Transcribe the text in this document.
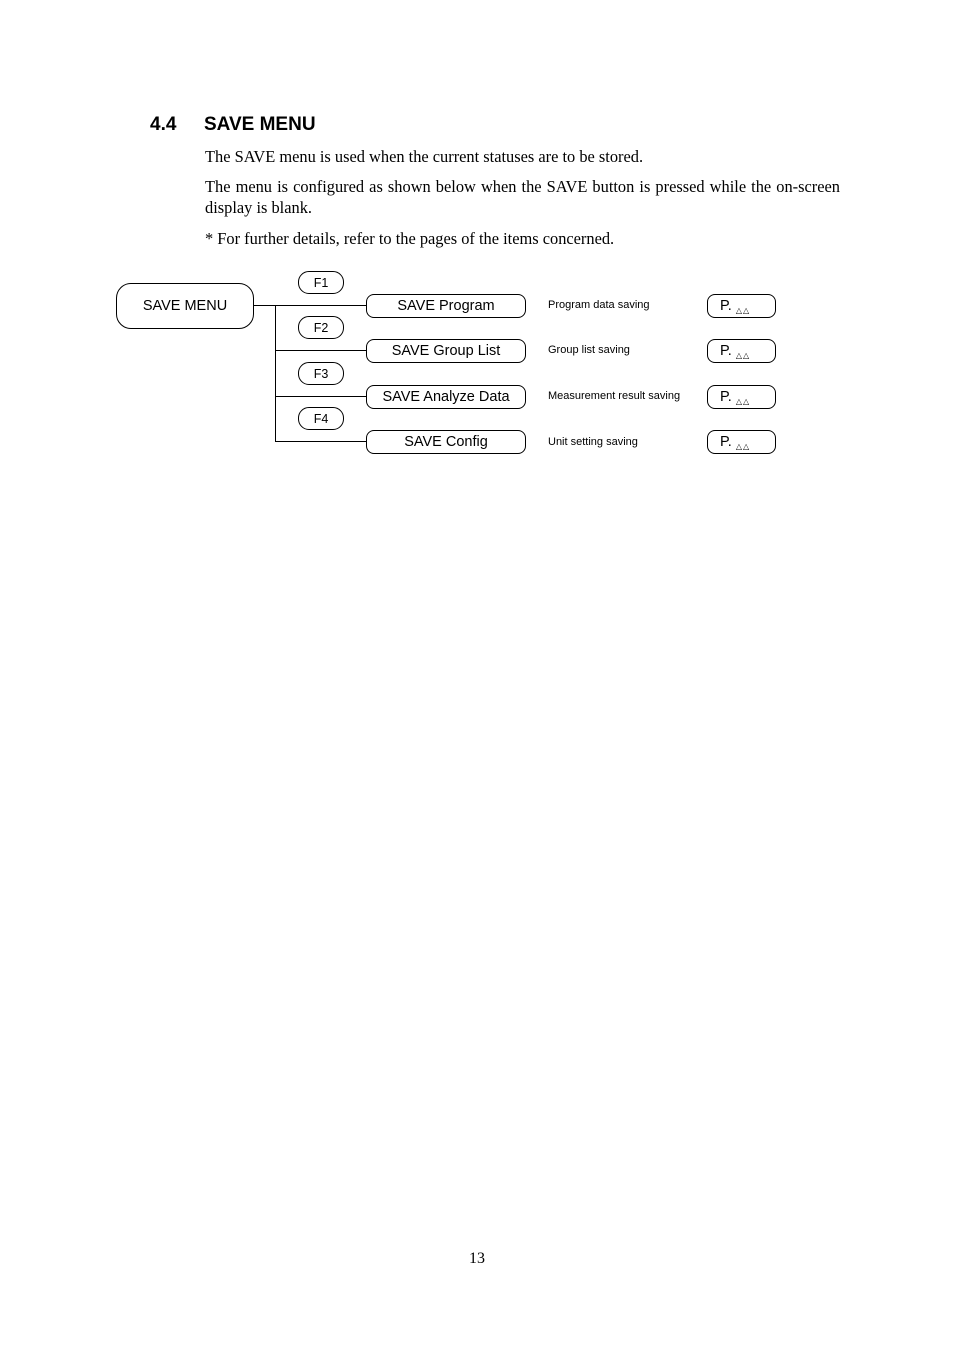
4.4 SAVE MENU
The SAVE menu is used when the current statuses are to be stored.
The menu is configured as shown below when the SAVE button is pressed while the on-screen display is blank.
* For further details, refer to the pages of the items concerned.
SAVE MENU
F1
SAVE Program	Program data saving	P. △△
F2
SAVE Group List	Group list saving	P. △△
F3
SAVE Analyze Data	Measurement result saving	P. △△
F4
SAVE Config	Unit setting saving	P. △△
13
